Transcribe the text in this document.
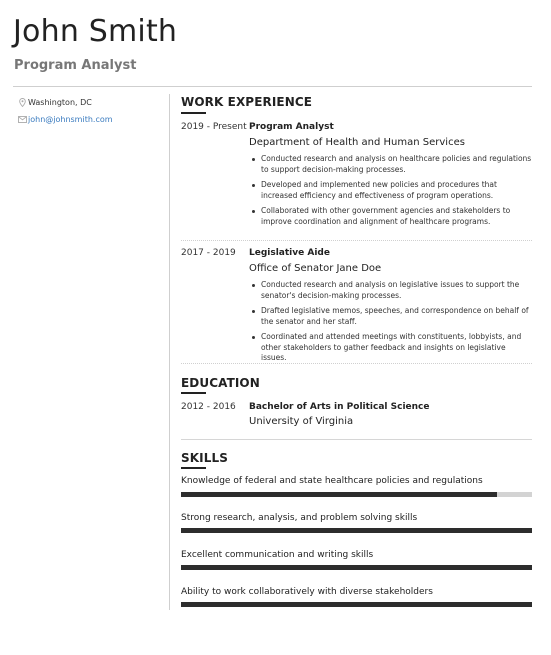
John Smith
Program Analyst
Washington, DC
john@johnsmith.com
WORK EXPERIENCE
2019 - Present Program Analyst
Department of Health and Human Services
Conducted research and analysis on healthcare policies and regulations to support decision-making processes.
Developed and implemented new policies and procedures that increased efficiency and effectiveness of program operations.
Collaborated with other government agencies and stakeholders to improve coordination and alignment of healthcare programs.
2017 - 2019 Legislative Aide
Office of Senator Jane Doe
Conducted research and analysis on legislative issues to support the senator's decision-making processes.
Drafted legislative memos, speeches, and correspondence on behalf of the senator and her staff.
Coordinated and attended meetings with constituents, lobbyists, and other stakeholders to gather feedback and insights on legislative issues.
EDUCATION
2012 - 2016 Bachelor of Arts in Political Science
University of Virginia
SKILLS
Knowledge of federal and state healthcare policies and regulations
Strong research, analysis, and problem solving skills
Excellent communication and writing skills
Ability to work collaboratively with diverse stakeholders
